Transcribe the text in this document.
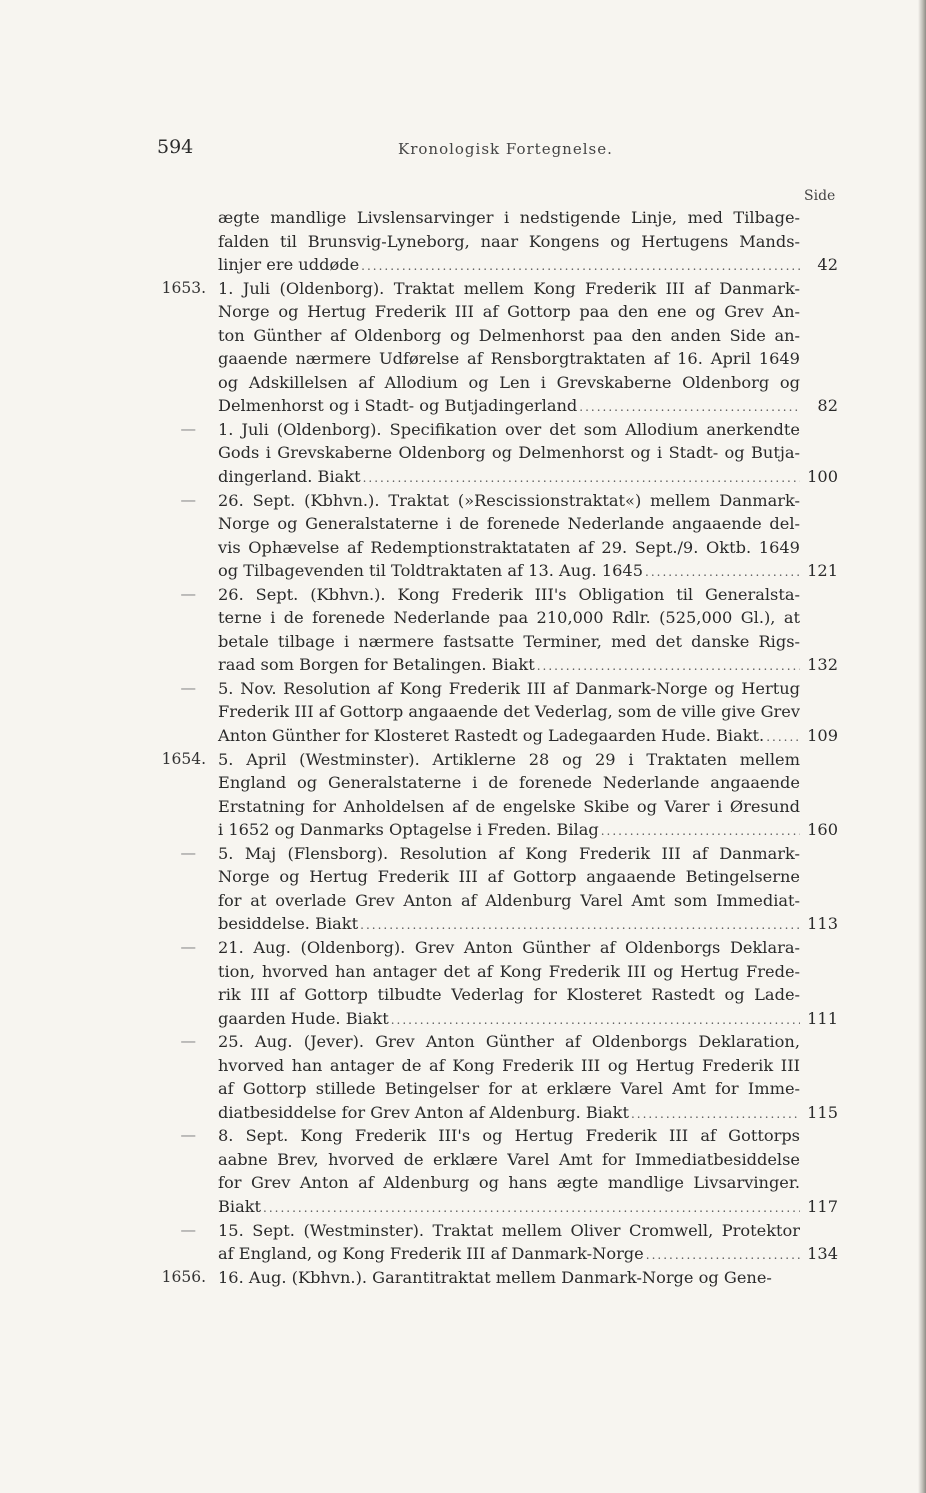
594	Kronologisk Fortegnelse.
Side
ægte mandlige Livslensarvinger i nedstigende Linje, med Tilbage-
falden til Brunsvig-Lyneborg, naar Kongens og Hertugens Mands-
linjer ere uddøde .....	42
1653. 1. Juli (Oldenborg). Traktat mellem Kong Frederik III af Danmark-
Norge og Hertug Frederik III af Gottorp paa den ene og Grev An-
ton Günther af Oldenborg og Delmenhorst paa den anden Side an-
gaaende nærmere Udførelse af Rensborgtraktaten af 16. April 1649
og Adskillelsen af Allodium og Len i Grevskaberne Oldenborg og
Delmenhorst og i Stadt- og Butjadingerland .....	82
— 1. Juli (Oldenborg). Specifikation over det som Allodium anerkendte
Gods i Grevskaberne Oldenborg og Delmenhorst og i Stadt- og Butja-
dingerland. Biakt .....	100
— 26. Sept. (Kbhvn.). Traktat (»Rescissionstraktat«) mellem Danmark-
Norge og Generalstaterne i de forenede Nederlande angaaende del-
vis Ophævelse af Redemptionstraktataten af 29. Sept./9. Oktb. 1649
og Tilbagevenden til Toldtraktaten af 13. Aug. 1645 .....	121
— 26. Sept. (Kbhvn.). Kong Frederik III's Obligation til Generalsta-
terne i de forenede Nederlande paa 210,000 Rdlr. (525,000 Gl.), at
betale tilbage i nærmere fastsatte Terminer, med det danske Rigs-
raad som Borgen for Betalingen. Biakt .....	132
— 5. Nov. Resolution af Kong Frederik III af Danmark-Norge og Hertug
Frederik III af Gottorp angaaende det Vederlag, som de ville give Grev
Anton Günther for Klosteret Rastedt og Ladegaarden Hude. Biakt. .....	109
1654. 5. April (Westminster). Artiklerne 28 og 29 i Traktaten mellem
England og Generalstaterne i de forenede Nederlande angaaende
Erstatning for Anholdelsen af de engelske Skibe og Varer i Øresund
i 1652 og Danmarks Optagelse i Freden. Bilag .....	160
— 5. Maj (Flensborg). Resolution af Kong Frederik III af Danmark-
Norge og Hertug Frederik III af Gottorp angaaende Betingelserne
for at overlade Grev Anton af Aldenburg Varel Amt som Immediat-
besiddelse. Biakt .....	113
— 21. Aug. (Oldenborg). Grev Anton Günther af Oldenborgs Deklara-
tion, hvorved han antager det af Kong Frederik III og Hertug Frede-
rik III af Gottorp tilbudte Vederlag for Klosteret Rastedt og Lade-
gaarden Hude. Biakt .....	111
— 25. Aug. (Jever). Grev Anton Günther af Oldenborgs Deklaration,
hvorved han antager de af Kong Frederik III og Hertug Frederik III
af Gottorp stillede Betingelser for at erklære Varel Amt for Imme-
diatbesiddelse for Grev Anton af Aldenburg. Biakt .....	115
— 8. Sept. Kong Frederik III's og Hertug Frederik III af Gottorps
aabne Brev, hvorved de erklære Varel Amt for Immediatbesiddelse
for Grev Anton af Aldenburg og hans ægte mandlige Livsarvinger.
Biakt .....	117
— 15. Sept. (Westminster). Traktat mellem Oliver Cromwell, Protektor
af England, og Kong Frederik III af Danmark-Norge .....	134
1656. 16. Aug. (Kbhvn.). Garantitraktat mellem Danmark-Norge og Gene-
